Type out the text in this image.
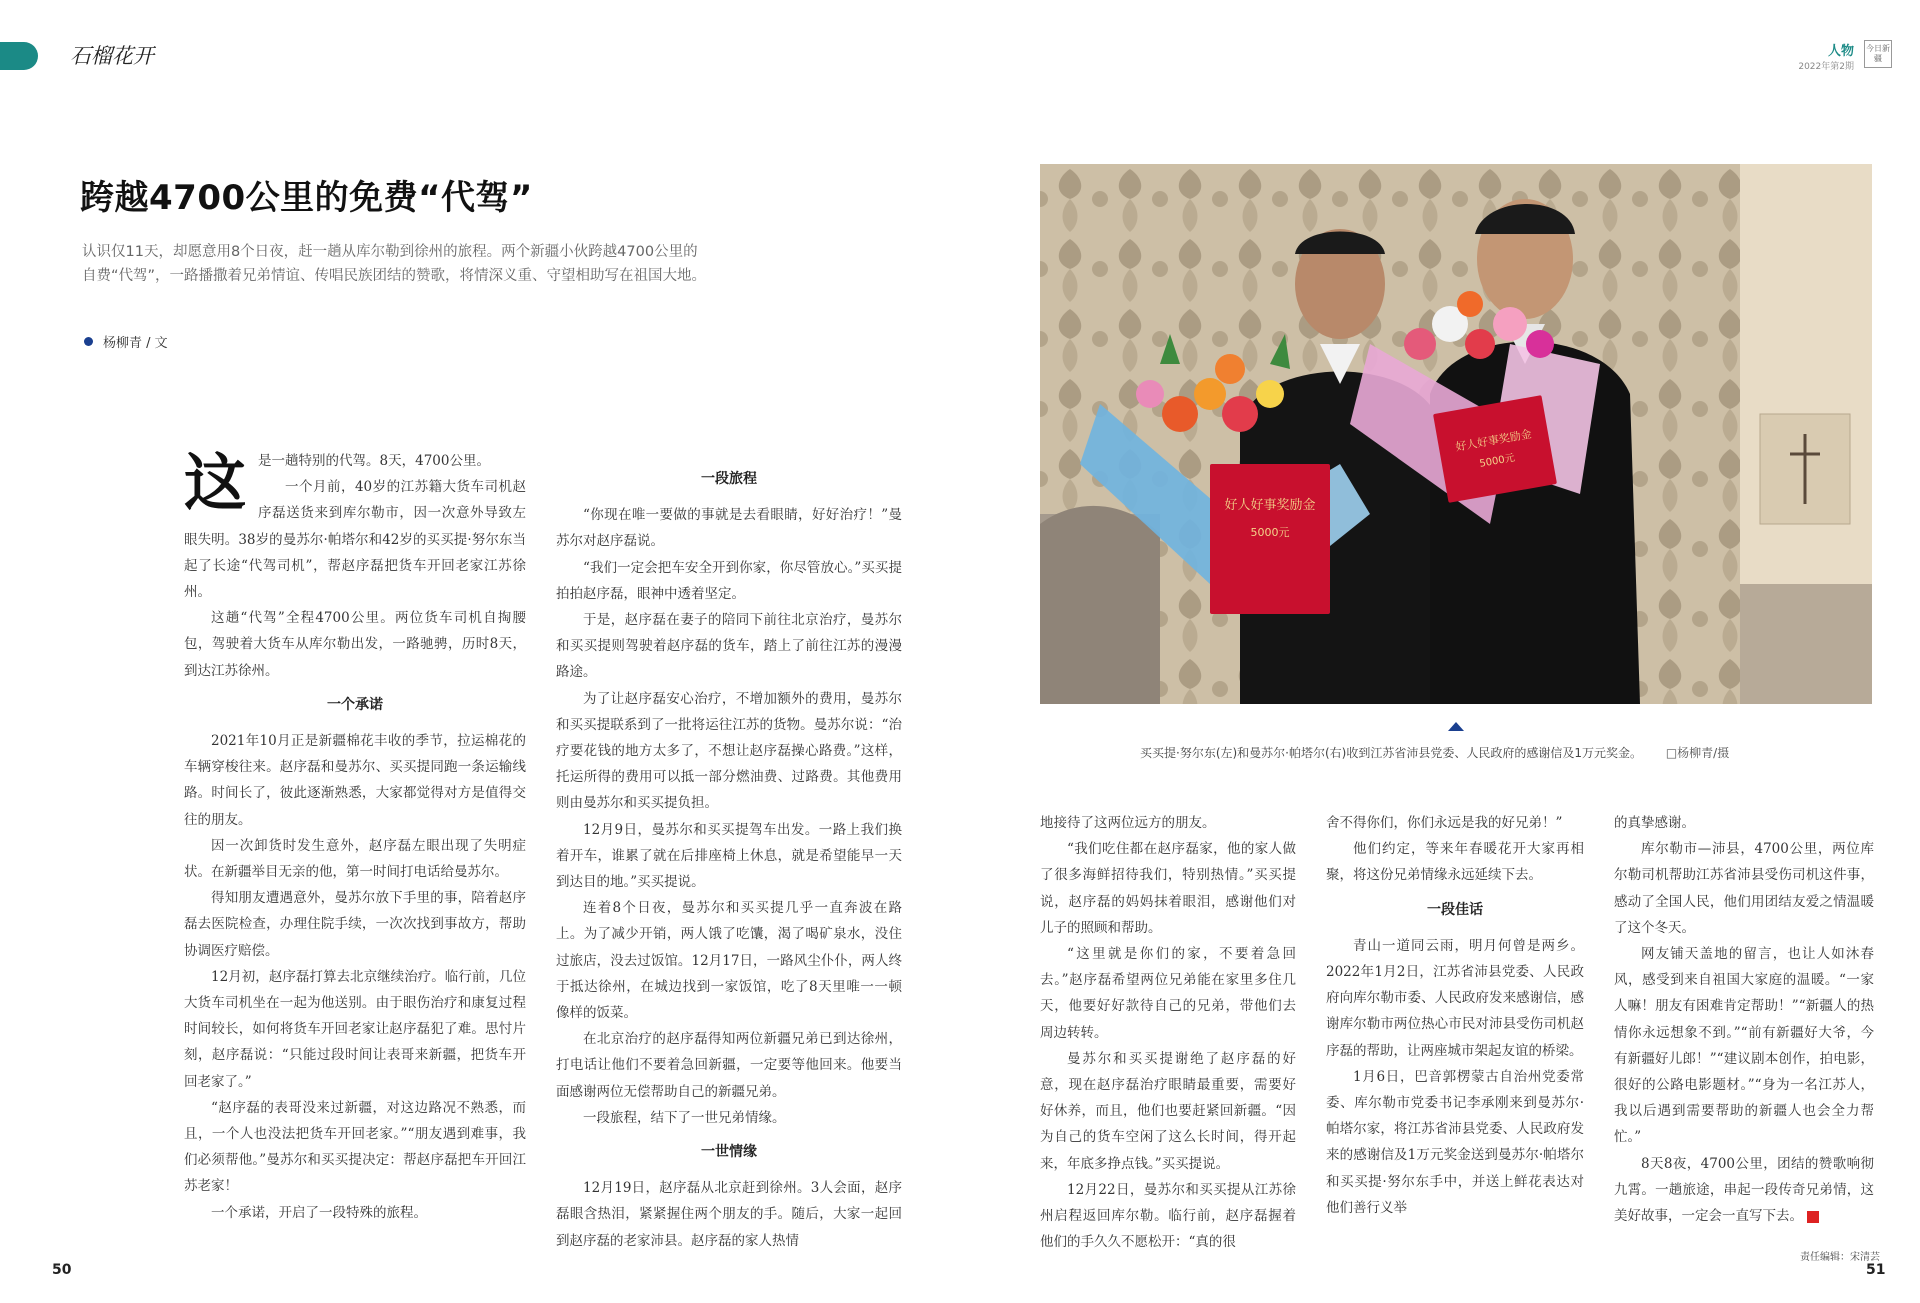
石榴花开	人物
2022年第2期
今日新疆
跨越4700公里的免费“代驾”
认识仅11天，却愿意用8个日夜，赶一趟从库尔勒到徐州的旅程。两个新疆小伙跨越4700公里的自费“代驾”，一路播撒着兄弟情谊、传唱民族团结的赞歌，将情深义重、守望相助写在祖国大地。
杨柳青 / 文
这 是一趟特别的代驾。8天，4700公里。

一个月前，40岁的江苏籍大货车司机赵序磊送货来到库尔勒市，因一次意外导致左眼失明。38岁的曼苏尔·帕塔尔和42岁的买买提·努尔东当起了长途“代驾司机”，帮赵序磊把货车开回老家江苏徐州。

这趟“代驾”全程4700公里。两位货车司机自掏腰包，驾驶着大货车从库尔勒出发，一路驰骋，历时8天，到达江苏徐州。

一个承诺

2021年10月正是新疆棉花丰收的季节，拉运棉花的车辆穿梭往来。赵序磊和曼苏尔、买买提同跑一条运输线路。时间长了，彼此逐渐熟悉，大家都觉得对方是值得交往的朋友。

因一次卸货时发生意外，赵序磊左眼出现了失明症状。在新疆举目无亲的他，第一时间打电话给曼苏尔。

得知朋友遭遇意外，曼苏尔放下手里的事，陪着赵序磊去医院检查，办理住院手续，一次次找到事故方，帮助协调医疗赔偿。

12月初，赵序磊打算去北京继续治疗。临行前，几位大货车司机坐在一起为他送别。由于眼伤治疗和康复过程时间较长，如何将货车开回老家让赵序磊犯了难。思忖片刻，赵序磊说：“只能过段时间让表哥来新疆，把货车开回老家了。”

“赵序磊的表哥没来过新疆，对这边路况不熟悉，而且，一个人也没法把货车开回老家。”“朋友遇到难事，我们必须帮他。”曼苏尔和买买提决定：帮赵序磊把车开回江苏老家！

一个承诺，开启了一段特殊的旅程。

一段旅程

“你现在唯一要做的事就是去看眼睛，好好治疗！”曼苏尔对赵序磊说。

“我们一定会把车安全开到你家，你尽管放心。”买买提拍拍赵序磊，眼神中透着坚定。

于是，赵序磊在妻子的陪同下前往北京治疗，曼苏尔和买买提则驾驶着赵序磊的货车，踏上了前往江苏的漫漫路途。

为了让赵序磊安心治疗，不增加额外的费用，曼苏尔和买买提联系到了一批将运往江苏的货物。曼苏尔说：“治疗要花钱的地方太多了，不想让赵序磊操心路费。”这样，托运所得的费用可以抵一部分燃油费、过路费。其他费用则由曼苏尔和买买提负担。

12月9日，曼苏尔和买买提驾车出发。一路上我们换着开车，谁累了就在后排座椅上休息，就是希望能早一天到达目的地。”买买提说。

连着8个日夜，曼苏尔和买买提几乎一直奔波在路上。为了减少开销，两人饿了吃馕，渴了喝矿泉水，没住过旅店，没去过饭馆。12月17日，一路风尘仆仆，两人终于抵达徐州，在城边找到一家饭馆，吃了8天里唯一一顿像样的饭菜。

在北京治疗的赵序磊得知两位新疆兄弟已到达徐州，打电话让他们不要着急回新疆，一定要等他回来。他要当面感谢两位无偿帮助自己的新疆兄弟。

一段旅程，结下了一世兄弟情缘。

一世情缘

12月19日，赵序磊从北京赶到徐州。3人会面，赵序磊眼含热泪，紧紧握住两个朋友的手。随后，大家一起回到赵序磊的老家沛县。赵序磊的家人热情

好人好事奖励金
5000元
好人好事奖励金
5000元
买买提·努尔东(左)和曼苏尔·帕塔尔(右)收到江苏省沛县党委、人民政府的感谢信及1万元奖金。 □杨柳青/摄

地接待了这两位远方的朋友。

“我们吃住都在赵序磊家，他的家人做了很多海鲜招待我们，特别热情。”买买提说，赵序磊的妈妈抹着眼泪，感谢他们对儿子的照顾和帮助。

“这里就是你们的家，不要着急回去。”赵序磊希望两位兄弟能在家里多住几天，他要好好款待自己的兄弟，带他们去周边转转。

曼苏尔和买买提谢绝了赵序磊的好意，现在赵序磊治疗眼睛最重要，需要好好休养，而且，他们也要赶紧回新疆。“因为自己的货车空闲了这么长时间，得开起来，年底多挣点钱。”买买提说。

12月22日，曼苏尔和买买提从江苏徐州启程返回库尔勒。临行前，赵序磊握着他们的手久久不愿松开：“真的很

舍不得你们，你们永远是我的好兄弟！”

他们约定，等来年春暖花开大家再相聚，将这份兄弟情缘永远延续下去。

一段佳话

青山一道同云雨，明月何曾是两乡。2022年1月2日，江苏省沛县党委、人民政府向库尔勒市委、人民政府发来感谢信，感谢库尔勒市两位热心市民对沛县受伤司机赵序磊的帮助，让两座城市架起友谊的桥梁。

1月6日，巴音郭楞蒙古自治州党委常委、库尔勒市党委书记李承刚来到曼苏尔·帕塔尔家，将江苏省沛县党委、人民政府发来的感谢信及1万元奖金送到曼苏尔·帕塔尔和买买提·努尔东手中，并送上鲜花表达对他们善行义举

的真挚感谢。

库尔勒市—沛县，4700公里，两位库尔勒司机帮助江苏省沛县受伤司机这件事，感动了全国人民，他们用团结友爱之情温暖了这个冬天。

网友铺天盖地的留言，也让人如沐春风，感受到来自祖国大家庭的温暖。“一家人嘛！朋友有困难肯定帮助！”“新疆人的热情你永远想象不到。”“前有新疆好大爷，今有新疆好儿郎！”“建议剧本创作，拍电影，很好的公路电影题材。”“身为一名江苏人，我以后遇到需要帮助的新疆人也会全力帮忙。”

8天8夜，4700公里，团结的赞歌响彻九霄。一趟旅途，串起一段传奇兄弟情，这美好故事，一定会一直写下去。

50
责任编辑：宋清芸
51
